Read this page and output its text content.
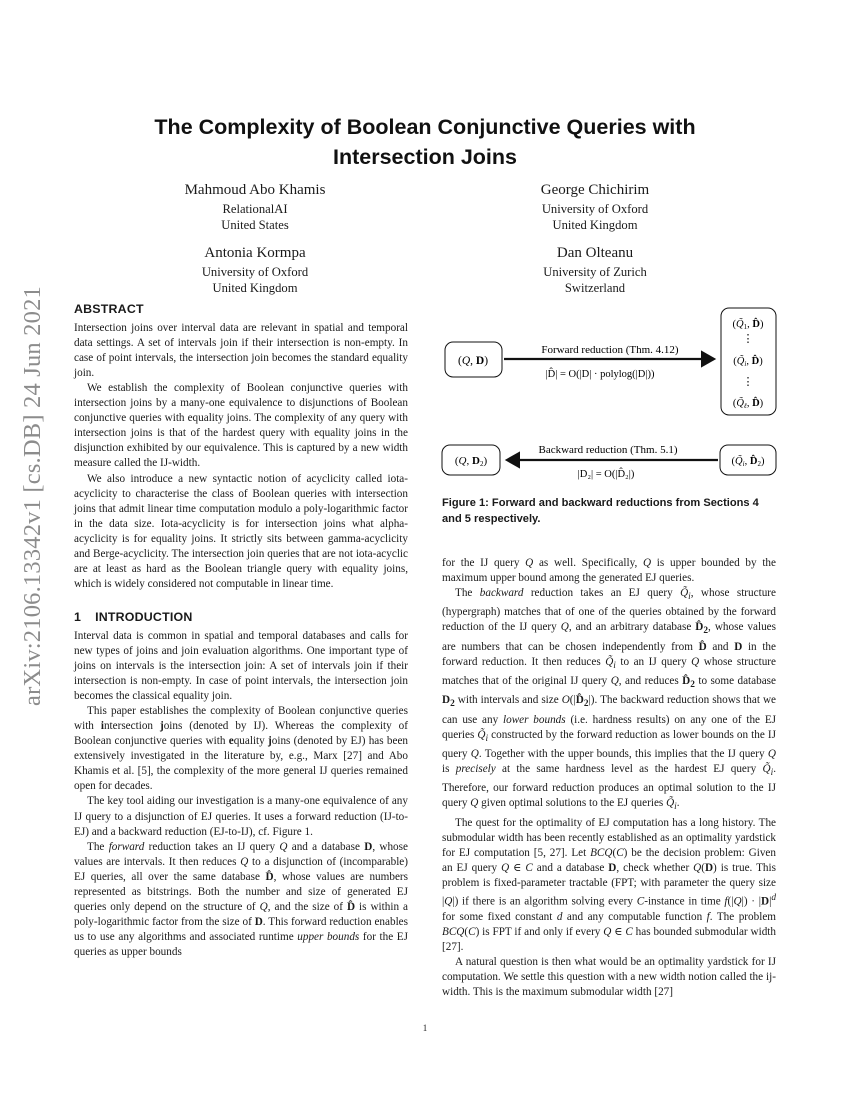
arXiv:2106.13342v1 [cs.DB] 24 Jun 2021
The Complexity of Boolean Conjunctive Queries with
Intersection Joins
Mahmoud Abo Khamis
RelationalAI
United States
George Chichirim
University of Oxford
United Kingdom
Antonia Kormpa
University of Oxford
United Kingdom
Dan Olteanu
University of Zurich
Switzerland
ABSTRACT

Intersection joins over interval data are relevant in spatial and temporal data settings. A set of intervals join if their intersection is non-empty. In case of point intervals, the intersection join becomes the standard equality join.

We establish the complexity of Boolean conjunctive queries with intersection joins by a many-one equivalence to disjunctions of Boolean conjunctive queries with equality joins. The complexity of any query with intersection joins is that of the hardest query with equality joins in the disjunction exhibited by our equivalence. This is captured by a new width measure called the IJ-width.

We also introduce a new syntactic notion of acyclicity called iota-acyclicity to characterise the class of Boolean queries with intersection joins that admit linear time computation modulo a poly-logarithmic factor in the data size. Iota-acyclicity is for intersection joins what alpha-acyclicity is for equality joins. It strictly sits between gamma-acyclicity and Berge-acyclicity. The intersection join queries that are not iota-acyclic are at least as hard as the Boolean triangle query with equality joins, which is widely considered not computable in linear time.

1 INTRODUCTION

Interval data is common in spatial and temporal databases and calls for new types of joins and join evaluation algorithms. One important type of joins on intervals is the intersection join: A set of intervals join if their intersection is non-empty. In case of point intervals, the intersection join becomes the classical equality join.

This paper establishes the complexity of Boolean conjunctive queries with intersection joins (denoted by IJ). Whereas the complexity of Boolean conjunctive queries with equality joins (denoted by EJ) has been extensively investigated in the literature by, e.g., Marx [27] and Abo Khamis et al. [5], the complexity of the more general IJ queries remained open for decades.

The key tool aiding our investigation is a many-one equivalence of any IJ query to a disjunction of EJ queries. It uses a forward reduction (IJ-to-EJ) and a backward reduction (EJ-to-IJ), cf. Figure 1.

The forward reduction takes an IJ query Q and a database D, whose values are intervals. It then reduces Q to a disjunction of (incomparable) EJ queries, all over the same database D̂, whose values are numbers represented as bitstrings. Both the number and size of generated EJ queries only depend on the structure of Q, and the size of D̂ is within a poly-logarithmic factor from the size of D. This forward reduction enables us to use any algorithms and associated runtime upper bounds for the EJ queries as upper bounds

(Q, D)
Forward reduction (Thm. 4.12)
|D̂| = O(|D| · polylog(|D|))
(Q̃1, D̂)
⋮
(Q̃i, D̂)
⋮
(Q̃ℓ, D̂)
(Q, D2)
Backward reduction (Thm. 5.1)
|D₂| = O(|D̂₂|)
(Q̃i, D̂2)

Figure 1: Forward and backward reductions from Sections 4 and 5 respectively.

for the IJ query Q as well. Specifically, Q is upper bounded by the maximum upper bound among the generated EJ queries.

The backward reduction takes an EJ query $Q̃_i$, whose structure (hypergraph) matches that of one of the queries obtained by the forward reduction of the IJ query Q, and an arbitrary database $D̂_2$, whose values are numbers that can be chosen independently from D̂ and D in the forward reduction. It then reduces $Q̃_i$ to an IJ query Q whose structure matches that of the original IJ query Q, and reduces $D̂_2$ to some database $D_2$ with intervals and size $O(|D̂_2|)$. The backward reduction shows that we can use any lower bounds (i.e. hardness results) on any one of the EJ queries $Q̃_i$ constructed by the forward reduction as lower bounds on the IJ query Q. Together with the upper bounds, this implies that the IJ query Q is precisely at the same hardness level as the hardest EJ query $Q̃_i$. Therefore, our forward reduction produces an optimal solution to the IJ query Q given optimal solutions to the EJ queries $Q̃_i$.

The quest for the optimality of EJ computation has a long history. The submodular width has been recently established as an optimality yardstick for EJ computation [5, 27]. Let BCQ(C) be the decision problem: Given an EJ query Q ∈ C and a database D, check whether Q(D) is true. This problem is fixed-parameter tractable (FPT; with parameter the query size |Q|) if there is an algorithm solving every C-instance in time $f(|Q|) \cdot |D|^d$ for some fixed constant d and any computable function f. The problem BCQ(C) is FPT if and only if every Q ∈ C has bounded submodular width [27].

A natural question is then what would be an optimality yardstick for IJ computation. We settle this question with a new width notion called the ij-width. This is the maximum submodular width [27]

1
